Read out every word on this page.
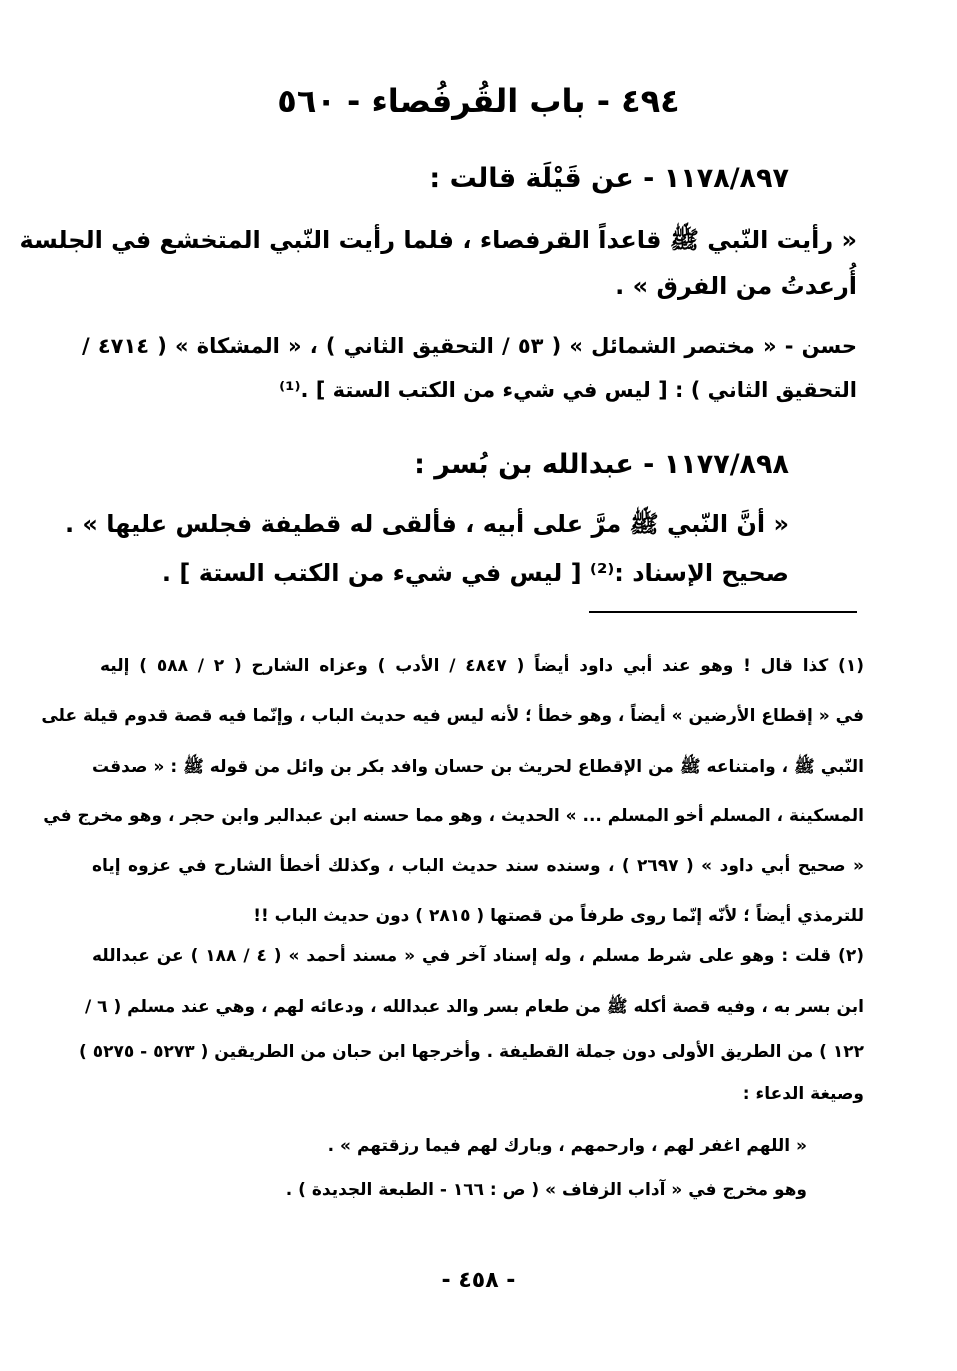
٤٩٤ - باب القُرفُصاء - ٥٦٠
١١٧٨/٨٩٧ - عن قَيْلَة قالت :
« رأيت النّبي ﷺ قاعداً القرفصاء ، فلما رأيت النّبي المتخشع في الجلسة
أُرعدتُ من الفرق » .
حسن - « مختصر الشمائل » ( ٥٣ / التحقيق الثاني ) ، « المشكاة » ( ٤٧١٤ /
التحقيق الثاني ) : [ ليس في شيء من الكتب الستة ] .⁽¹⁾
١١٧٧/٨٩٨ - عبدالله بن بُسر :
« أنَّ النّبي ﷺ مرَّ على أبيه ، فألقى له قطيفة فجلس عليها » .
صحيح الإسناد :⁽²⁾ [ ليس في شيء من الكتب الستة ] .
(١) كذا قال ! وهو عند أبي داود أيضاً ( ٤٨٤٧ / الأدب ) وعزاه الشارح ( ٢ / ٥٨٨ ) إليه
في « إقطاع الأرضين » أيضاً ، وهو خطأ ؛ لأنه ليس فيه حديث الباب ، وإنّما فيه قصة قدوم قيلة على
النّبي ﷺ ، وامتناعه ﷺ من الإقطاع لحريث بن حسان وافد بكر بن وائل من قوله ﷺ : « صدقت
المسكينة ، المسلم أخو المسلم ... » الحديث ، وهو مما حسنه ابن عبدالبر وابن حجر ، وهو مخرج في
« صحيح أبي داود » ( ٢٦٩٧ ) ، وسنده سند حديث الباب ، وكذلك أخطأ الشارح في عزوه إياه
للترمذي أيضاً ؛ لأنّه إنّما روى طرفاً من قصتها ( ٢٨١٥ ) دون حديث الباب !!
(٢) قلت : وهو على شرط مسلم ، وله إسناد آخر في « مسند أحمد » ( ٤ / ١٨٨ ) عن عبدالله
ابن بسر به ، وفيه قصة أكله ﷺ من طعام بسر والد عبدالله ، ودعائه لهم ، وهي عند مسلم ( ٦ /
١٢٢ ) من الطريق الأولى دون جملة القطيفة . وأخرجها ابن حبان من الطريقين ( ٥٢٧٣ - ٥٢٧٥ )
وصيغة الدعاء :
« اللهم اغفر لهم ، وارحمهم ، وبارك لهم فيما رزقتهم » .
وهو مخرج في « آداب الزفاف » ( ص : ١٦٦ - الطبعة الجديدة ) .
- ٤٥٨ -
